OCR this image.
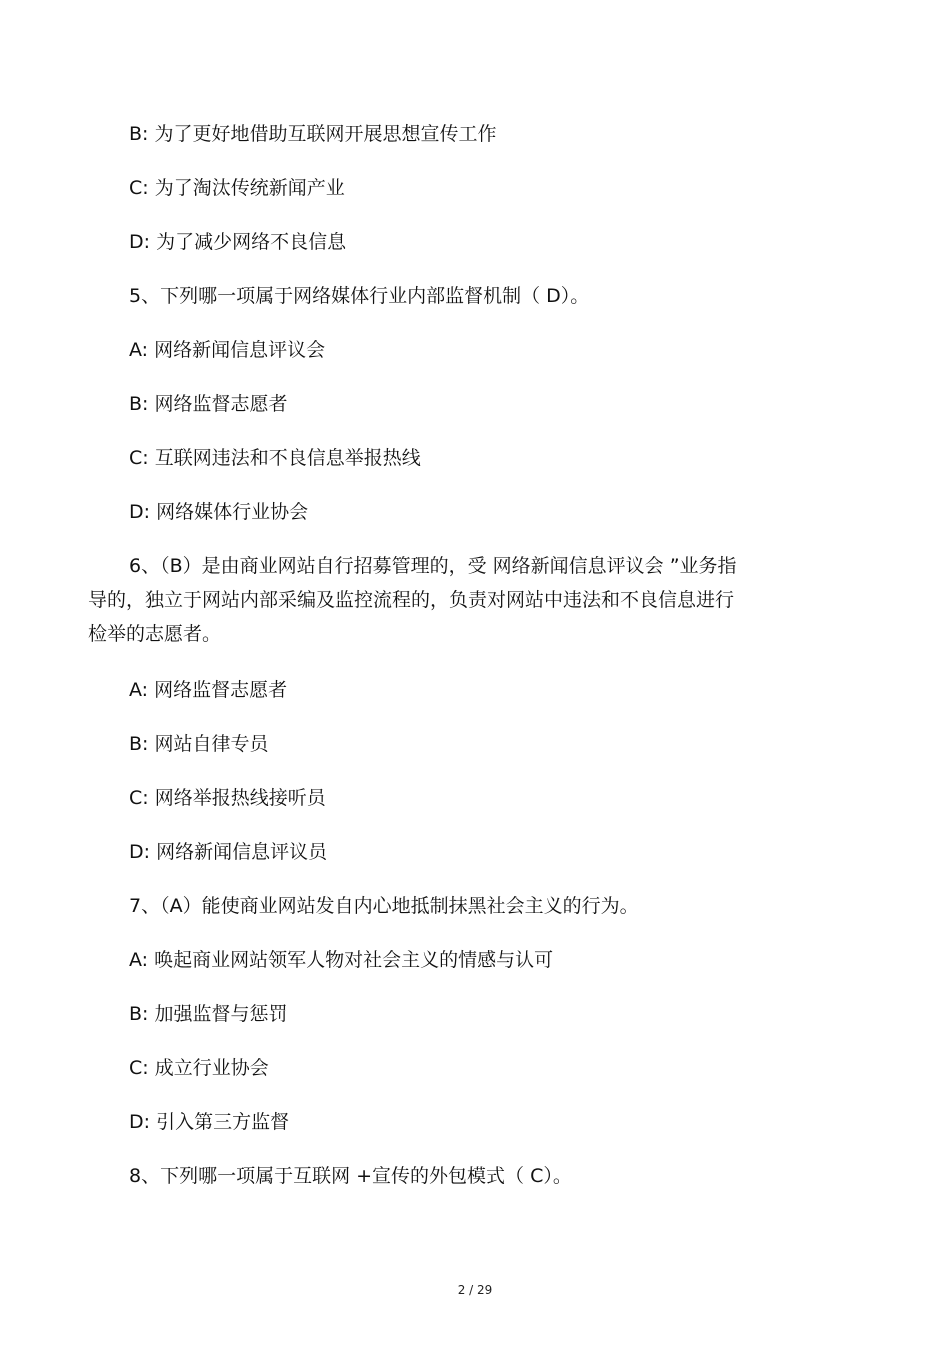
B: 为了更好地借助互联网开展思想宣传工作
C: 为了淘汰传统新闻产业
D: 为了减少网络不良信息
5、下列哪一项属于网络媒体行业内部监督机制（ D）。
A: 网络新闻信息评议会
B: 网络监督志愿者
C: 互联网违法和不良信息举报热线
D: 网络媒体行业协会
6、（B）是由商业网站自行招募管理的，受 网络新闻信息评议会 ”业务指
导的，独立于网站内部采编及监控流程的，负责对网站中违法和不良信息进行
检举的志愿者。
A: 网络监督志愿者
B: 网站自律专员
C: 网络举报热线接听员
D: 网络新闻信息评议员
7、（A）能使商业网站发自内心地抵制抹黑社会主义的行为。
A: 唤起商业网站领军人物对社会主义的情感与认可
B: 加强监督与惩罚
C: 成立行业协会
D: 引入第三方监督
8、下列哪一项属于互联网 +宣传的外包模式（ C）。
2 / 29
